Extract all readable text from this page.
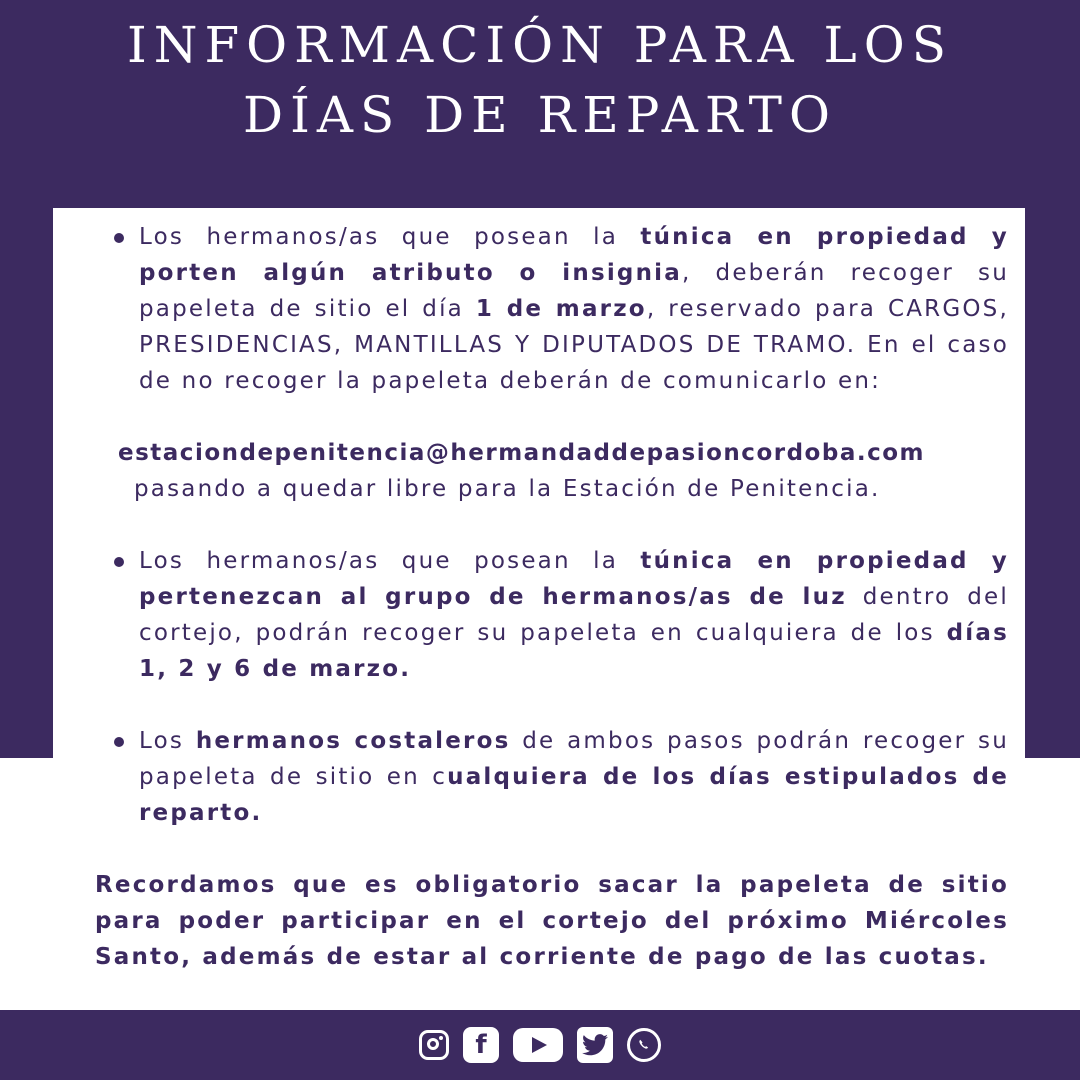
INFORMACIÓN PARA LOS
DÍAS DE REPARTO
Los hermanos/as que posean la túnica en propiedad y porten algún atributo o insignia, deberán recoger su papeleta de sitio el día 1 de marzo, reservado para CARGOS, PRESIDENCIAS, MANTILLAS Y DIPUTADOS DE TRAMO. En el caso de no recoger la papeleta deberán de comunicarlo en:
estaciondepenitencia@hermandaddepasioncordoba.com
pasando a quedar libre para la Estación de Penitencia.
Los hermanos/as que posean la túnica en propiedad y pertenezcan al grupo de hermanos/as de luz dentro del cortejo, podrán recoger su papeleta en cualquiera de los días 1, 2 y 6 de marzo.
Los hermanos costaleros de ambos pasos podrán recoger su papeleta de sitio en cualquiera de los días estipulados de reparto.
Recordamos que es obligatorio sacar la papeleta de sitio para poder participar en el cortejo del próximo Miércoles Santo, además de estar al corriente de pago de las cuotas.
f
